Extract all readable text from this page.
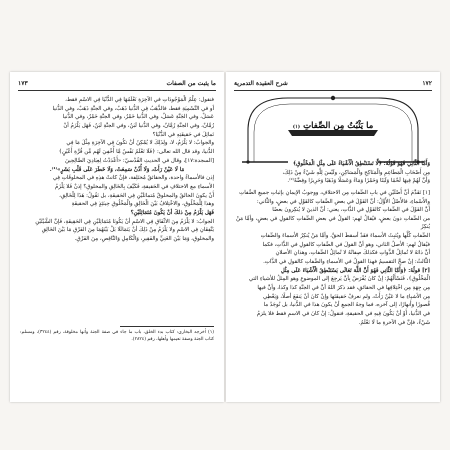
ما يثبت من الصفات
١٧٣

فنقول: عِلْمُ الْمَوْجُودَاتِ في الآخِرَةِ نَعْلَمُهَا فِي الدُّنْيَا فِي الاسْمِ فقط،

أو في التَّسْمِيَةِ فقط، فالذَّهَبُ فِي الدُّنيا ذَهَبٌ، وفي الجنَّةِ ذَهَبٌ، وفي الدُّنيا

عَسَلٌ، وفي الجَنَّةِ عَسَلٌ، وفي الدُّنيا خَمْرٌ، وفي الجنَّةِ خَمْرٌ، وفي الدُّنيا

رُمَّانٌ، وفي الجنَّةِ رُمَّانٌ، وفي الدُّنيا لَبَنٌ، وفي الجنَّةِ لَبَنٌ، فَهَل يَلْزَمُ أنْ

تَماثِلَ في حَقيقَتِهِ في الدُّنْيَا؟

والجوابُ: لا يَلْزَمُ، لا، ولِذَلِكَ لا يُمْكِنُ أنْ تكُونَ فِي الآخِرَةِ مِثْلَ مَا فِي

الدُّنيا، وقد قال الله تعالى: ﴿فَلَا تَعْلَمُ نَفْسٌ مَّا أُخْفِيَ لَهُم مِّن قُرَّةِ أَعْيُنٍ﴾

[السجدة:١٧]، وقال في الحديثِ القُدْسيّ: «أَعْدَدْتُ لِعِبَادِيَ الصَّالِحِينَ

مَا لَا عَيْنٌ رَأَتْ، وَلَا أُذُنٌ سَمِعَتْ، وَلَا خَطَرَ عَلَى قَلْبِ بَشَرٍ»⁽¹⁾.

إذن فالأسماءُ واحدة، والحقائقُ مُختَلِفة، فإنْ كانتْ هذِهِ في المخلوقَاتِ فِي

الأسماءِ مع الاختلافِ في الحَقيقةِ، فَكَيْفَ بِالخَالِقِ والمخلوقِ؟ إذنْ فَلا يَلْزَمُ

أَنْ يكونَ الخالقُ والمخلوقُ مُتماثلَيْنِ فِي الحَقيقَةِ، بل نَقُولُ: هَذَا لِلْخَالِقِ،

وهذا لِلْمَخْلُوقِ، والاخْتِلافُ بَيْنَ الْخَالِقِ والْمَخْلُوقِ حِينَئِذٍ فِي الحقيقَةِ

فَهَل يَلْزَمُ مِنْ ذلكَ أنْ يَكُونَ مُتَمَاثِلَيْنِ؟

الجوابُ: لا يَلْزَمُ مِنَ الاتِّفَاقِ فِي الاسْمِ أنْ يَكُونَا مُتَمَاثِلَيْنِ فِي الحَقِيقَةِ، فَإنَّ الشَّيْئَيْنِ

يَتَّفِقَانِ فِي الاسْمِ ولا يَلْزَمُ مِنْ ذَلِكَ أنْ يَتَمَاثَلَا بَلْ بَيْنَهُمَا مِنَ الفَرْقِ مَا بَيْنَ الخَالِقِ

والمخلوقِ، وَمَا بَيْنَ الغَنِيِّ والفَقِيرِ، وَالْكَامِلِ وَالنَّاقِصِ، مِنَ الفَرْقِ.

(١) أخرجه البخاري: كتاب بدء الخلق، باب ما جاء في صفة الجنة وأنها مخلوقة، رقم (٣٢٤٤)، ومسلم: كتاب الجنة وصفة نعيمها وأهلها، رقم (٢٨٢٤).
١٧٢
شرح العقيدة التدمرية
ما يَثْبُتُ مِن الصِّفاتِ (١)

وَأَمَّا الثَّانِي فَهُوَ قَوْلُهُ: ﴿لَّا تَسْتَنْطِقُ الْأَشْيَاءُ عَلَى مِثْلِ الْمَخْلُوقِ﴾

مِن أَصْحَابِ الْمَطَاعِمِ والْمَنَاكِحِ والْمَسَاكِنِ، ولَيْسَ لِلَّهِ شَيْءٌ مِنْ ذَلِكَ،

وَأَنَّ لَهُمْ فِيهَا لَحْمًا وَلَبَنًا وَخَمْرًا وَمَاءً وَعَسَلًا وَذَهَبًا وَحَرِيرًا وفِضَّةً⁽²⁾.

[١] تَقَدَّمَ أنَّ أَصْلَيْنِ في بابِ الصِّفاتِ مِن الاختلافِ، ووجوبُ الإيمانِ بإثباتِ جميعِ الصِّفاتِ

والأَسْماءِ، فالأَصْلُ الأَوَّلُ: أنَّ القَوْلَ في بعضِ الصِّفاتِ كالقَوْلِ في بعضٍ، والثَّاني:

أَنَّ القَوْلَ في الصِّفاتِ كالقَوْلِ في الذَّاتِ، يعني: أنَّ الذينَ لا يُنكِرونَ بعضًا

من الصِّفاتِ دونَ بعضٍ، فيُقالُ لهم: القولُ في بعضِ الصِّفاتِ كالقولِ في بعضٍ، وأمَّا مَنْ يُنكِرُ

الصِّفاتِ كُلَّها ويُثبِتُ الأسماءَ فقَدْ أسقطَ الحقَّ، وأمَّا مَنْ يُنكِرُ الأسماءَ والصِّفاتِ

فيُقالُ لهم: الأصلُ الثاني، وهو أنَّ القولَ في الصِّفاتِ كالقولِ في الذَّاتِ، فكما

أنَّ ذاتَهُ لا تُماثِلُ الذَّواتِ فكذلكَ صِفاتُهُ لا تُماثِلُ الصِّفاتِ، وهذانِ الأصلانِ

الثَّالثُ: إنْ صحَّ التقسيمُ فهذا القولُ في الأسماءِ والصِّفاتِ كالقولِ في الذَّاتِ.

[٢] قولُهُ: ﴿وَأَمَّا الثَّانِي فَهُوَ أَنَّ اللَّهَ تَعَالَى يَسْتَنْطِقُ الْأَشْيَاءَ عَلَى مِثْلِ

الْمَخْلُوقِ﴾، فَنَسْأَلُهُمْ: إنْ كانَ يُفْرَضُ بِأنَّ يَرجِعَ إلى الموضوعِ وهو المِثلُ للأشياءِ التي

مِن جِهَةِ مِن اخْتِلافِها في الحقائقِ، فقد ذكرَ اللهُ أنَّ في الجنَّةِ كذا وكذا، وأنَّ فيها

مِن الأشياءِ ما لا عَيْنٌ رَأَتْ، ولم نعرفْ حَقيقَتَها وإنْ كانَ أنْ يَنفَعَ أصلًا، وَيَعْطِي

قُصورًا وأَنهارًا، إلى آخره، فما وجهُ الجمعِ أنْ يكونَ هذا في الدُّنيا، بل نُوجَدُ ما

في الدُّنيا، أَوْ أنْ يَكُونَ فِيهِ في الحقيقةِ، فنقولُ: إنْ كانَ في الاسمِ فقط فلا يلزمُ

شَيْءٌ، فإنَّ في الآخرةِ ما لَا نَعْلَمُ.
